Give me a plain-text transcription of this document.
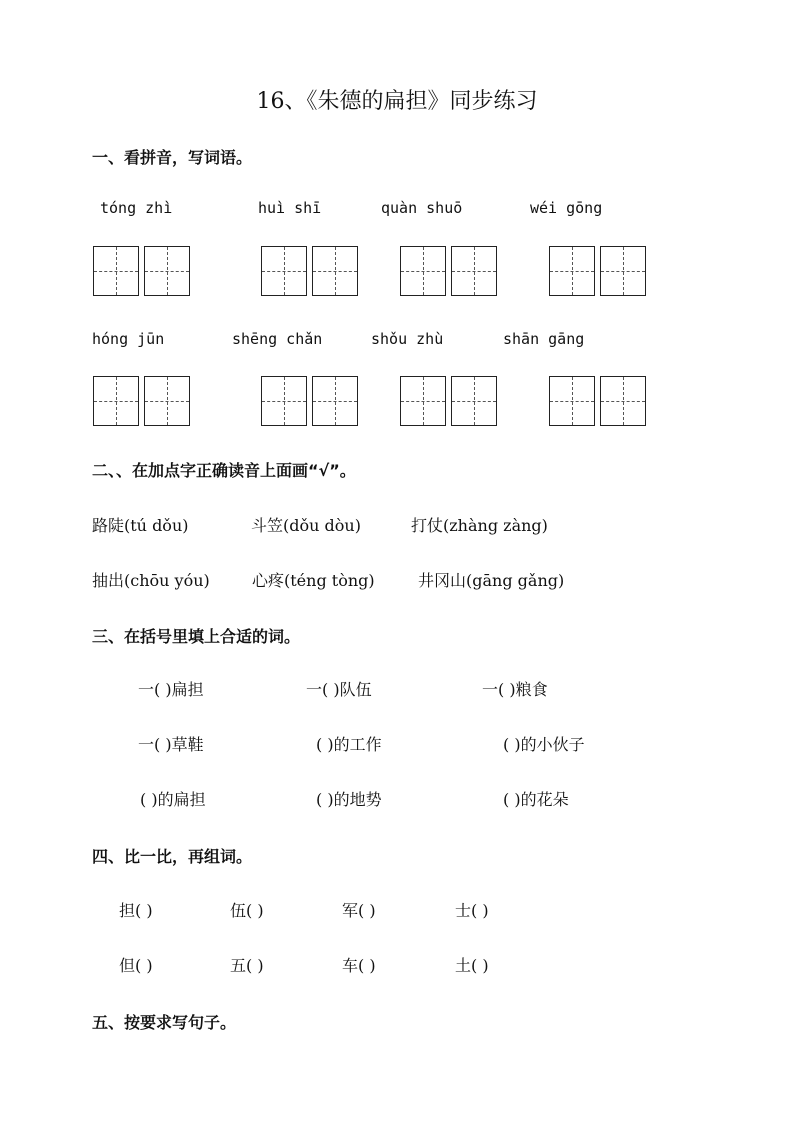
16、《朱德的扁担》同步练习
一、看拼音，写词语。
tóng zhì	huì shī	quàn shuō	wéi gōng
hóng jūn	shēng chǎn	shǒu zhù	shān gāng
二、、在加点字正确读音上面画“√”。
路陡(tú dǒu)	斗笠(dǒu dòu)	打仗(zhàng zàng)
抽出(chōu yóu)	心疼(téng tòng)	井冈山(gāng gǎng)
三、在括号里填上合适的词。
一( )扁担	一( )队伍	一( )粮食
一( )草鞋	( )的工作	( )的小伙子
( )的扁担	( )的地势	( )的花朵
四、比一比，再组词。
担( )	伍( )	军( )	士( )
但( )	五( )	车( )	土( )
五、按要求写句子。
